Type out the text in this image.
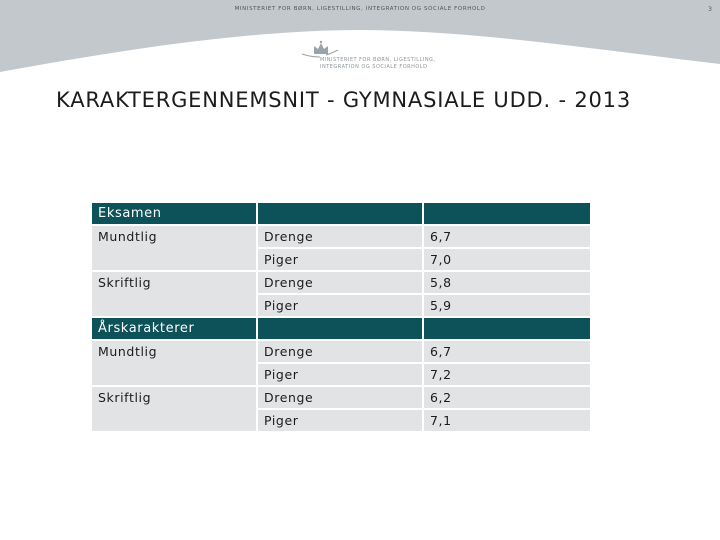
MINISTERIET FOR BØRN, LIGESTILLING, INTEGRATION OG SOCIALE FORHOLD	3
MINISTERIET FOR BØRN, LIGESTILLING,
INTEGRATION OG SOCIALE FORHOLD
KARAKTERGENNEMSNIT - GYMNASIALE UDD. - 2013
Eksamen		
Mundtlig	Drenge	6,7
	Piger	7,0
Skriftlig	Drenge	5,8
	Piger	5,9
Årskarakterer		
Mundtlig	Drenge	6,7
	Piger	7,2
Skriftlig	Drenge	6,2
	Piger	7,1
